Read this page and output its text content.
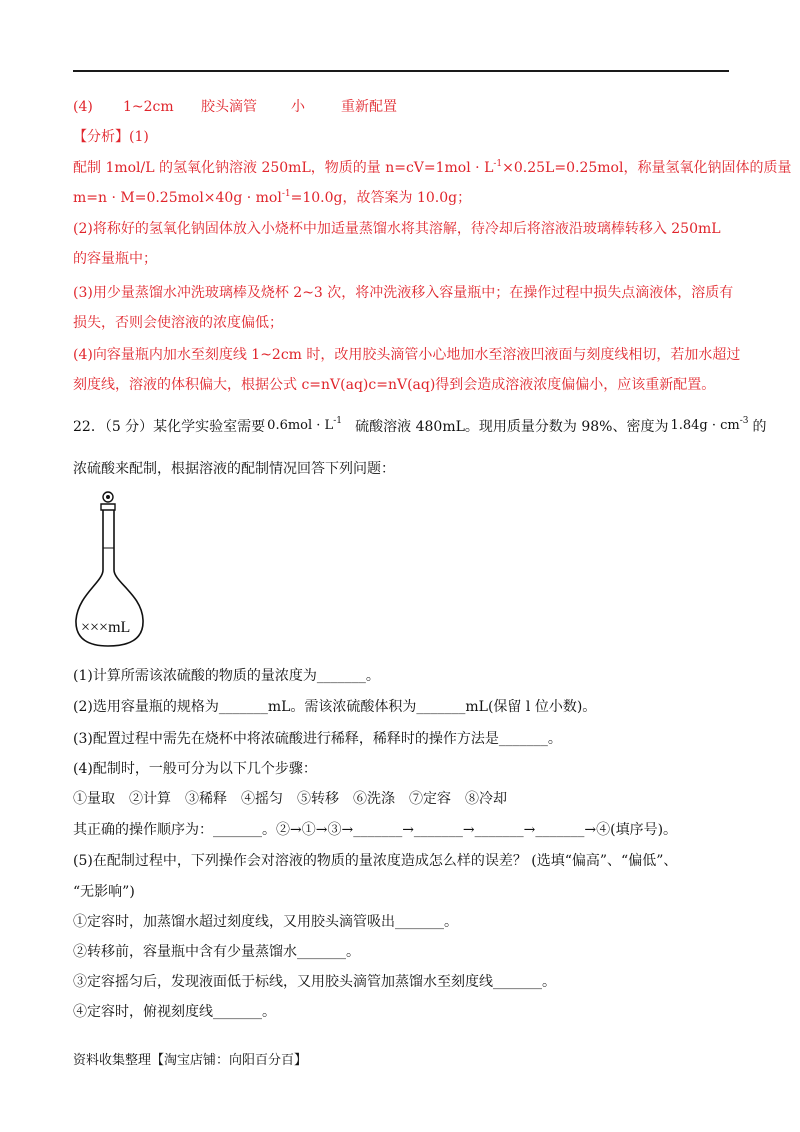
(4) 1~2cm 胶头滴管 小	重新配置
【分析】(1)
配制 1mol/L 的氢氧化钠溶液 250mL，物质的量 $n=cV=1mol \cdot L^{-1}\times 0.25L=0.25mol$，称量氢氧化钠固体的质量
m=n · M=0.25mol×40g · mol$^{-1}$=10.0g，故答案为 10.0g；
(2)将称好的氢氧化钠固体放入小烧杯中加适量蒸馏水将其溶解，待冷却后将溶液沿玻璃棒转移入 250mL
的容量瓶中；
(3)用少量蒸馏水冲洗玻璃棒及烧杯 2~3 次，将冲洗液移入容量瓶中；在操作过程中损失点滴液体，溶质有
损失，否则会使溶液的浓度偏低；
(4)向容量瓶内加水至刻度线 1~2cm 时，改用胶头滴管小心地加水至溶液凹液面与刻度线相切，若加水超过
刻度线，溶液的体积偏大，根据公式 c=nV(aq)c=nV(aq)得到会造成溶液浓度偏偏小，应该重新配置。
22．（5 分）某化学实验室需要 $0.6mol \cdot L^{-1}$ 硫酸溶液 480mL。现用质量分数为 98%、密度为 $1.84g \cdot cm^{-3}$ 的
浓硫酸来配制，根据溶液的配制情况回答下列问题：
×××mL
(1)计算所需该浓硫酸的物质的量浓度为_______。
(2)选用容量瓶的规格为_______mL。需该浓硫酸体积为_______mL(保留 l 位小数)。
(3)配置过程中需先在烧杯中将浓硫酸进行稀释，稀释时的操作方法是_______。
(4)配制时，一般可分为以下几个步骤：
①量取　②计算　③稀释　④摇匀　⑤转移　⑥洗涤　⑦定容　⑧冷却
其正确的操作顺序为：_______。②→①→③→_______→_______→_______→_______→④(填序号)。
(5)在配制过程中，下列操作会对溶液的物质的量浓度造成怎么样的误差？ (选填“偏高”、“偏低”、
“无影响”)
①定容时，加蒸馏水超过刻度线，又用胶头滴管吸出_______。
②转移前，容量瓶中含有少量蒸馏水_______。
③定容摇匀后，发现液面低于标线，又用胶头滴管加蒸馏水至刻度线_______。
④定容时，俯视刻度线_______。
资料收集整理【淘宝店铺：向阳百分百】
